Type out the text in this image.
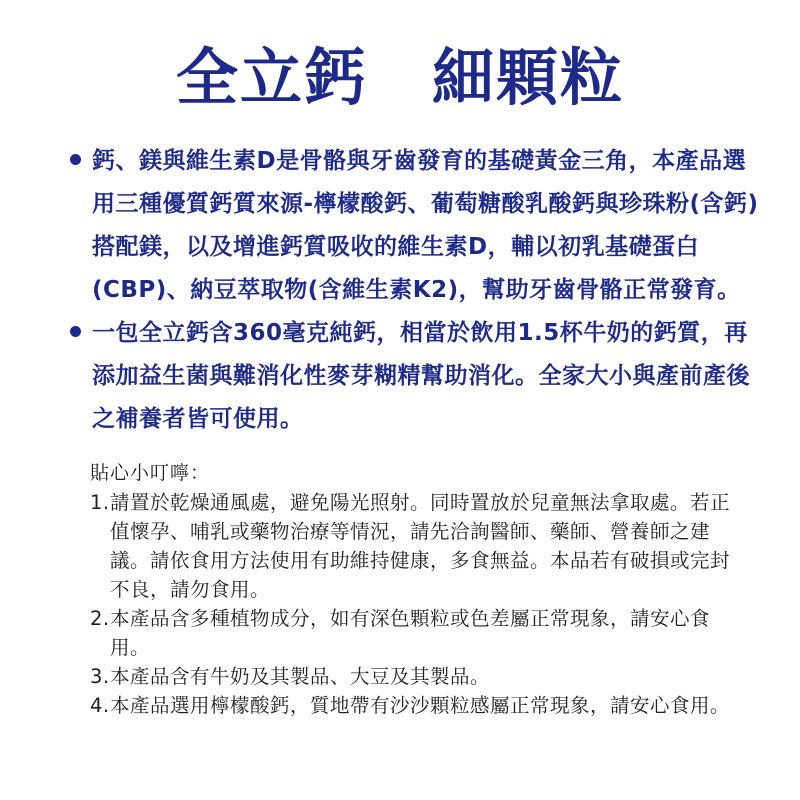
全立鈣　細顆粒
鈣、鎂與維生素D是骨骼與牙齒發育的基礎黃金三角，本產品選用三種優質鈣質來源-檸檬酸鈣、葡萄糖酸乳酸鈣與珍珠粉(含鈣)搭配鎂，以及增進鈣質吸收的維生素D，輔以初乳基礎蛋白(CBP)、納豆萃取物(含維生素K2)，幫助牙齒骨骼正常發育。
一包全立鈣含360毫克純鈣，相當於飲用1.5杯牛奶的鈣質，再添加益生菌與難消化性麥芽糊精幫助消化。全家大小與產前產後之補養者皆可使用。
貼心小叮嚀：
1. 請置於乾燥通風處，避免陽光照射。同時置放於兒童無法拿取處。若正值懷孕、哺乳或藥物治療等情況，請先洽詢醫師、藥師、營養師之建議。請依食用方法使用有助維持健康，多食無益。本品若有破損或完封不良，請勿食用。
2. 本產品含多種植物成分，如有深色顆粒或色差屬正常現象，請安心食用。
3. 本產品含有牛奶及其製品、大豆及其製品。
4. 本產品選用檸檬酸鈣，質地帶有沙沙顆粒感屬正常現象，請安心食用。
